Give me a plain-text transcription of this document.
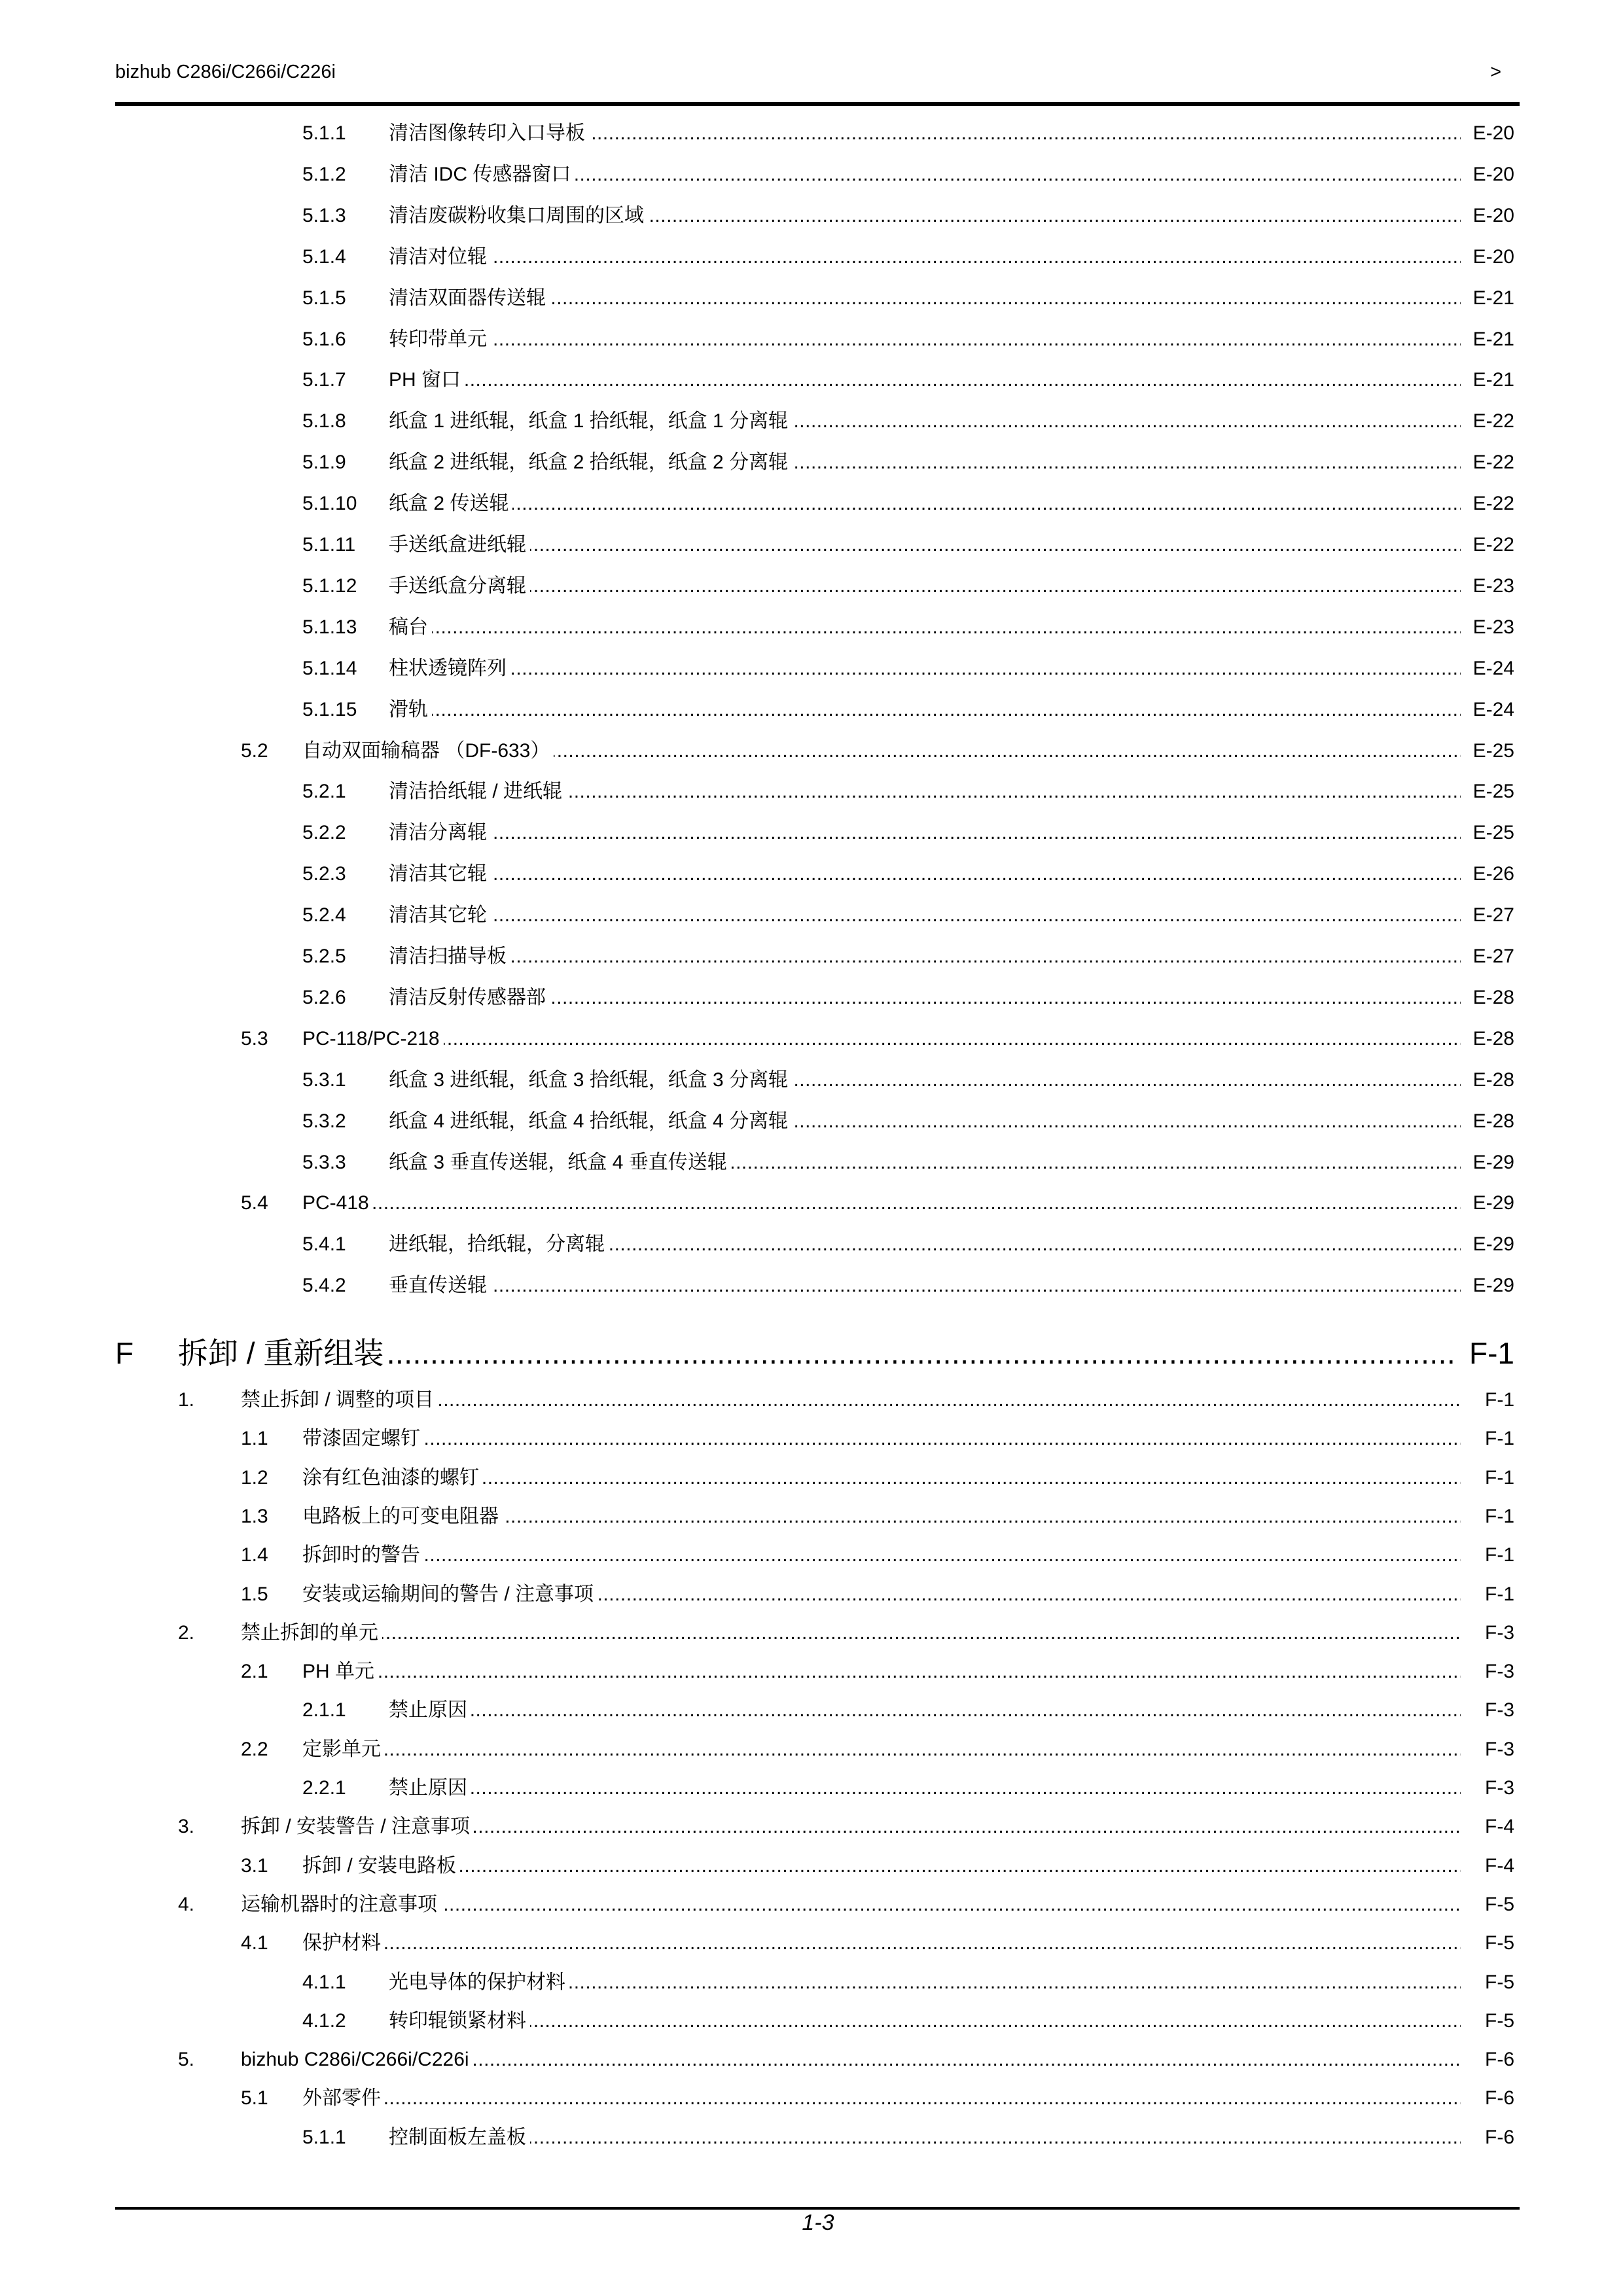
bizhub C286i/C266i/C226i	>
5.1.1 清洁图像转印入口导板 .....	E-20
5.1.2 清洁 IDC 传感器窗口 .....	E-20
5.1.3 清洁废碳粉收集口周围的区域 .....	E-20
5.1.4 清洁对位辊 .....	E-20
5.1.5 清洁双面器传送辊 .....	E-21
5.1.6 转印带单元 .....	E-21
5.1.7 PH 窗口 .....	E-21
5.1.8 纸盒 1 进纸辊，纸盒 1 拾纸辊，纸盒 1 分离辊 .....	E-22
5.1.9 纸盒 2 进纸辊，纸盒 2 拾纸辊，纸盒 2 分离辊 .....	E-22
5.1.10 纸盒 2 传送辊 .....	E-22
5.1.11 手送纸盒进纸辊 .....	E-22
5.1.12 手送纸盒分离辊 .....	E-23
5.1.13 稿台 .....	E-23
5.1.14 柱状透镜阵列 .....	E-24
5.1.15 滑轨 .....	E-24
5.2 自动双面输稿器 （DF-633） .....	E-25
5.2.1 清洁拾纸辊 / 进纸辊 .....	E-25
5.2.2 清洁分离辊 .....	E-25
5.2.3 清洁其它辊 .....	E-26
5.2.4 清洁其它轮 .....	E-27
5.2.5 清洁扫描导板 .....	E-27
5.2.6 清洁反射传感器部 .....	E-28
5.3 PC-118/PC-218 .....	E-28
5.3.1 纸盒 3 进纸辊，纸盒 3 拾纸辊，纸盒 3 分离辊 .....	E-28
5.3.2 纸盒 4 进纸辊，纸盒 4 拾纸辊，纸盒 4 分离辊 .....	E-28
5.3.3 纸盒 3 垂直传送辊，纸盒 4 垂直传送辊 .....	E-29
5.4 PC-418 .....	E-29
5.4.1 进纸辊，拾纸辊，分离辊 .....	E-29
5.4.2 垂直传送辊 .....	E-29
F 拆卸 / 重新组装 .....	F-1
1. 禁止拆卸 / 调整的项目 .....	F-1
1.1 带漆固定螺钉 .....	F-1
1.2 涂有红色油漆的螺钉 .....	F-1
1.3 电路板上的可变电阻器 .....	F-1
1.4 拆卸时的警告 .....	F-1
1.5 安装或运输期间的警告 / 注意事项 .....	F-1
2. 禁止拆卸的单元 .....	F-3
2.1 PH 单元 .....	F-3
2.1.1 禁止原因 .....	F-3
2.2 定影单元 .....	F-3
2.2.1 禁止原因 .....	F-3
3. 拆卸 / 安装警告 / 注意事项 .....	F-4
3.1 拆卸 / 安装电路板 .....	F-4
4. 运输机器时的注意事项 .....	F-5
4.1 保护材料 .....	F-5
4.1.1 光电导体的保护材料 .....	F-5
4.1.2 转印辊锁紧材料 .....	F-5
5. bizhub C286i/C266i/C226i .....	F-6
5.1 外部零件 .....	F-6
5.1.1 控制面板左盖板 .....	F-6
1-3
